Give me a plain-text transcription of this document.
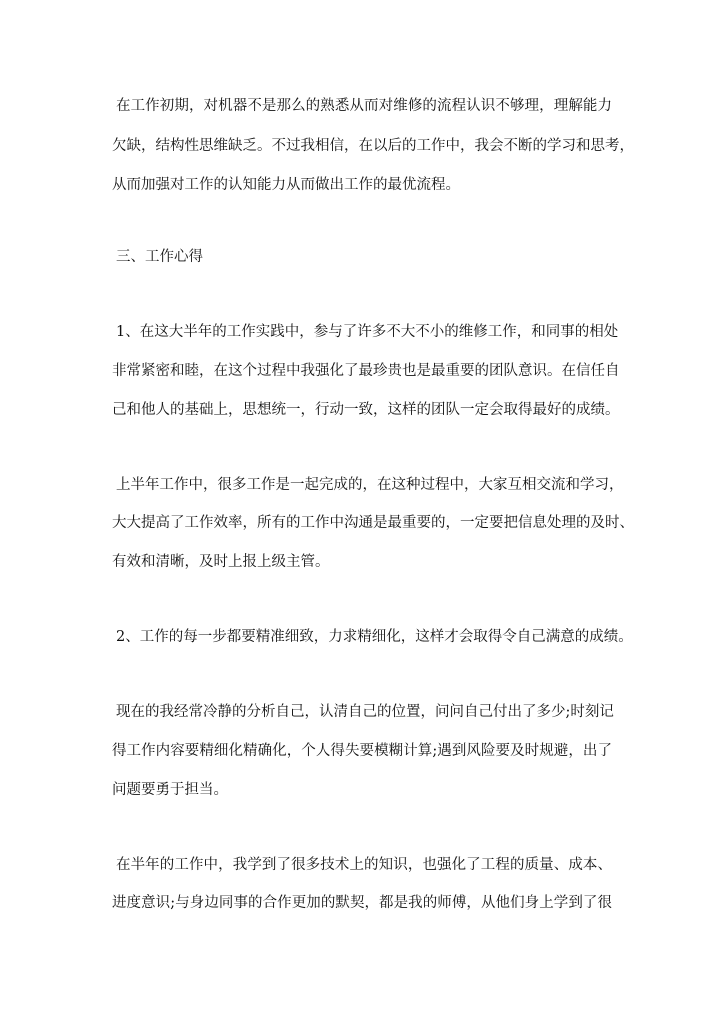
在工作初期，对机器不是那么的熟悉从而对维修的流程认识不够理，理解能力
欠缺，结构性思维缺乏。不过我相信，在以后的工作中，我会不断的学习和思考，
从而加强对工作的认知能力从而做出工作的最优流程。
三、工作心得
1、在这大半年的工作实践中，参与了许多不大不小的维修工作，和同事的相处
非常紧密和睦，在这个过程中我强化了最珍贵也是最重要的团队意识。在信任自
己和他人的基础上，思想统一，行动一致，这样的团队一定会取得最好的成绩。
上半年工作中，很多工作是一起完成的，在这种过程中，大家互相交流和学习，
大大提高了工作效率，所有的工作中沟通是最重要的，一定要把信息处理的及时、
有效和清晰，及时上报上级主管。
2、工作的每一步都要精准细致，力求精细化，这样才会取得令自己满意的成绩。
现在的我经常冷静的分析自己，认清自己的位置，问问自己付出了多少;时刻记
得工作内容要精细化精确化，个人得失要模糊计算;遇到风险要及时规避，出了
问题要勇于担当。
在半年的工作中，我学到了很多技术上的知识，也强化了工程的质量、成本、
进度意识;与身边同事的合作更加的默契，都是我的师傅，从他们身上学到了很
